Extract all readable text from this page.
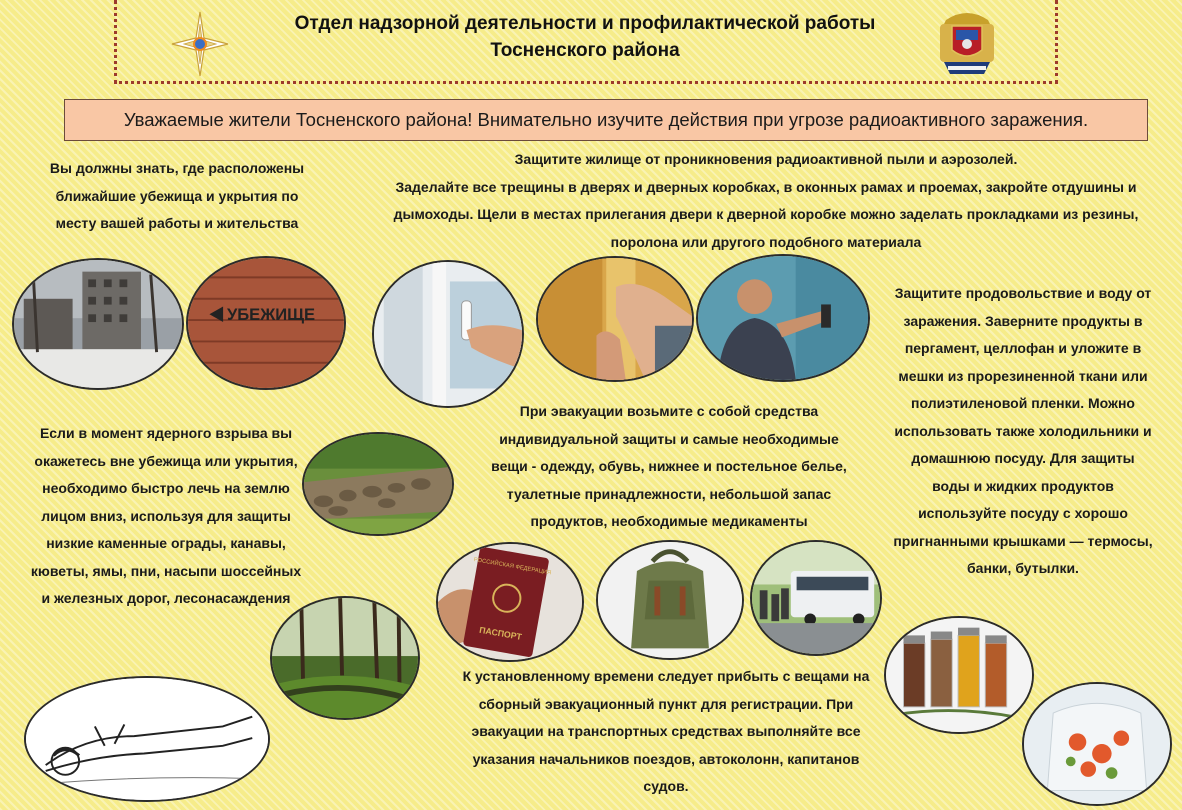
Отдел надзорной деятельности и профилактической работы
Тосненского района
Уважаемые жители Тосненского района! Внимательно изучите действия при угрозе радиоактивного заражения.
Вы должны знать, где расположены ближайшие убежища и укрытия по месту вашей работы и жительства
Защитите жилище от проникновения радиоактивной пыли и аэрозолей.
Заделайте все трещины в дверях и дверных коробках, в оконных рамах и проемах, закройте отдушины и дымоходы. Щели в местах прилегания двери к дверной коробке можно заделать прокладками из резины, поролона или другого подобного материала
Защитите продовольствие и воду от заражения. Заверните продукты в пергамент, целлофан и уложите в мешки из прорезиненной ткани или полиэтиленовой пленки. Можно использовать также холодильники и домашнюю посуду. Для защиты воды и жидких продуктов используйте посуду с хорошо пригнанными крышками — термосы, банки, бутылки.
Если в момент ядерного взрыва вы окажетесь вне убежища или укрытия, необходимо быстро лечь на землю лицом вниз, используя для защиты низкие каменные ограды, канавы, кюветы, ямы, пни, насыпи шоссейных и железных дорог, лесонасаждения
При эвакуации возьмите с собой средства индивидуальной защиты и самые необходимые вещи - одежду, обувь, нижнее и постельное белье, туалетные принадлежности, небольшой запас продуктов, необходимые медикаменты
К установленному времени следует прибыть с вещами на сборный эвакуационный пункт для регистрации. При эвакуации на транспортных средствах выполняйте все указания начальников поездов, автоколонн, капитанов судов.
УБЕЖИЩЕ
РОССИЙСКАЯ ФЕДЕРАЦИЯ
ПАСПОРТ
